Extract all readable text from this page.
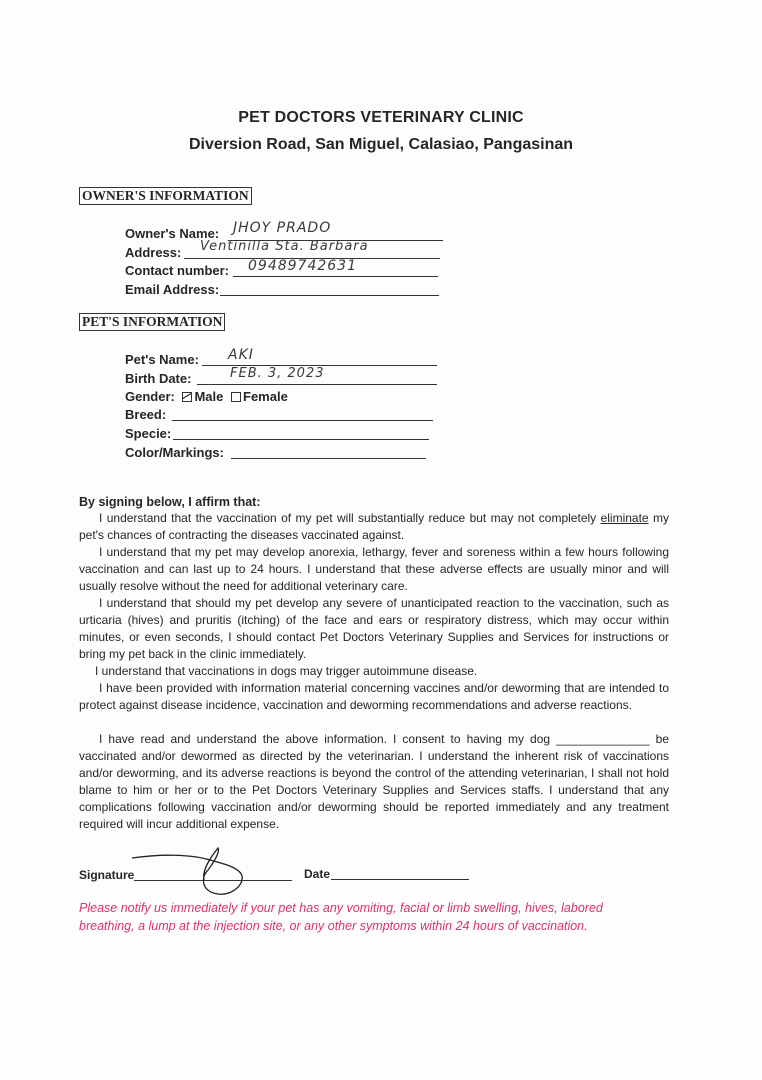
PET DOCTORS VETERINARY CLINIC
Diversion Road, San Miguel, Calasiao, Pangasinan
OWNER'S INFORMATION
Owner's Name: JHOY PRADO
Address: Ventinilla Sta. Barbara
Contact number: 09489742631
Email Address:
PET'S INFORMATION
Pet's Name: AKI
Birth Date:	FEB. 3, 2023
Gender: Male Female
Breed:
Specie:
Color/Markings:
By signing below, I affirm that:
I understand that the vaccination of my pet will substantially reduce but may not completely eliminate my pet's chances of contracting the diseases vaccinated against.
I understand that my pet may develop anorexia, lethargy, fever and soreness within a few hours following vaccination and can last up to 24 hours. I understand that these adverse effects are usually minor and will usually resolve without the need for additional veterinary care.
I understand that should my pet develop any severe of unanticipated reaction to the vaccination, such as urticaria (hives) and pruritis (itching) of the face and ears or respiratory distress, which may occur within minutes, or even seconds, I should contact Pet Doctors Veterinary Supplies and Services for instructions or bring my pet back in the clinic immediately.
I understand that vaccinations in dogs may trigger autoimmune disease.
I have been provided with information material concerning vaccines and/or deworming that are intended to protect against disease incidence, vaccination and deworming recommendations and adverse reactions.
I have read and understand the above information. I consent to having my dog ______________ be vaccinated and/or dewormed as directed by the veterinarian. I understand the inherent risk of vaccinations and/or deworming, and its adverse reactions is beyond the control of the attending veterinarian, I shall not hold blame to him or her or to the Pet Doctors Veterinary Supplies and Services staffs. I understand that any complications following vaccination and/or deworming should be reported immediately and any treatment required will incur additional expense.
Signature	Date
Please notify us immediately if your pet has any vomiting, facial or limb swelling, hives, labored breathing, a lump at the injection site, or any other symptoms within 24 hours of vaccination.
